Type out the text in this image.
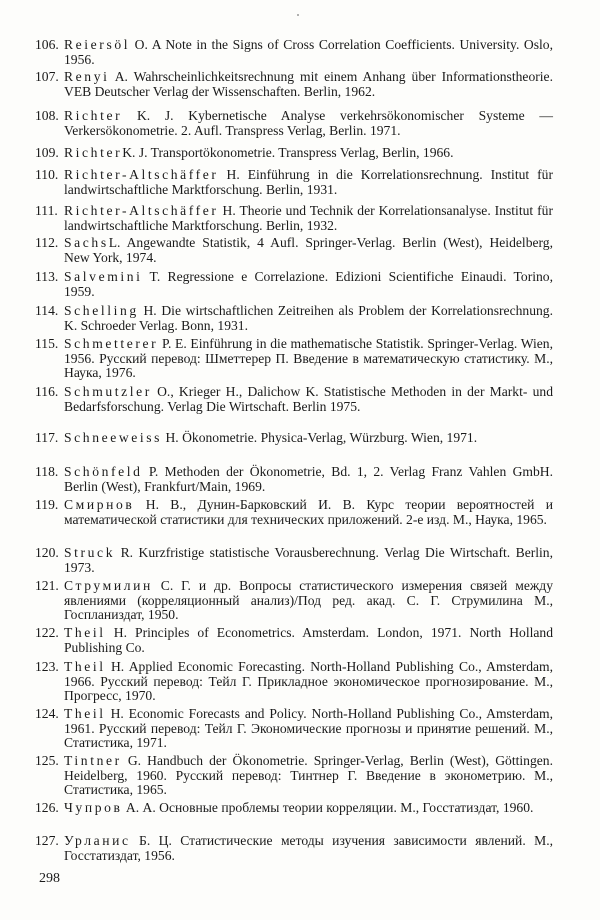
106. Reiersöl O. A Note in the Signs of Cross Correlation Coefficients. University. Oslo, 1956.

107. Renyi A. Wahrscheinlichkeitsrechnung mit einem Anhang über Informationstheorie. VEB Deutscher Verlag der Wissenschaften. Berlin, 1962.

108. Richter K. J. Kybernetische Analyse verkehrsökonomischer Systeme — Verkersökonometrie. 2. Aufl. Transpress Verlag, Berlin. 1971.

109. RichterK. J. Transportökonometrie. Transpress Verlag, Berlin, 1966.

110. Richter-Altschäffer H. Einführung in die Korrelationsrechnung. Institut für landwirtschaftliche Marktforschung. Berlin, 1931.

111. Richter-Altschäffer H. Theorie und Technik der Korrelationsanalyse. Institut für landwirtschaftliche Marktforschung. Berlin, 1932.

112. SachsL. Angewandte Statistik, 4 Aufl. Springer-Verlag. Berlin (West), Heidelberg, New York, 1974.

113. Salvemini T. Regressione e Correlazione. Edizioni Scientifiche Einaudi. Torino, 1959.

114. Schelling H. Die wirtschaftlichen Zeitreihen als Problem der Korrelationsrechnung. K. Schroeder Verlag. Bonn, 1931.

115. Schmetterer P. E. Einführung in die mathematische Statistik. Springer-Verlag. Wien, 1956. Русский перевод: Шметтерер П. Введение в математическую статистику. М., Наука, 1976.

116. Schmutzler O., Krieger H., Dalichow K. Statistische Methoden in der Markt- und Bedarfsforschung. Verlag Die Wirtschaft. Berlin 1975.

117. Schneeweiss H. Ökonometrie. Physica-Verlag, Würzburg. Wien, 1971.

118. Schönfeld P. Methoden der Ökonometrie, Bd. 1, 2. Verlag Franz Vahlen GmbH. Berlin (West), Frankfurt/Main, 1969.

119. Смирнов Н. В., Дунин-Барковский И. В. Курс теории вероятностей и математической статистики для технических приложений. 2-е изд. М., Наука, 1965.

120. Struck R. Kurzfristige statistische Vorausberechnung. Verlag Die Wirtschaft. Berlin, 1973.

121. Струмилин С. Г. и др. Вопросы статистического измерения связей между явлениями (корреляционный анализ)/Под ред. акад. С. Г. Струмилина М., Госпланиздат, 1950.

122. Theil H. Principles of Econometrics. Amsterdam. London, 1971. North Holland Publishing Co.

123. Theil H. Applied Economic Forecasting. North-Holland Publishing Co., Amsterdam, 1966. Русский перевод: Тейл Г. Прикладное экономическое прогнозирование. М., Прогресс, 1970.

124. Theil H. Economic Forecasts and Policy. North-Holland Publishing Co., Amsterdam, 1961. Русский перевод: Тейл Г. Экономические прогнозы и принятие решений. М., Статистика, 1971.

125. Tintner G. Handbuch der Ökonometrie. Springer-Verlag, Berlin (West), Göttingen. Heidelberg, 1960. Русский перевод: Тинтнер Г. Введение в эконометрию. М., Статистика, 1965.

126. Чупров А. А. Основные проблемы теории корреляции. М., Госстатиздат, 1960.

127. Урланис Б. Ц. Статистические методы изучения зависимости явлений. М., Госстатиздат, 1956.

298
